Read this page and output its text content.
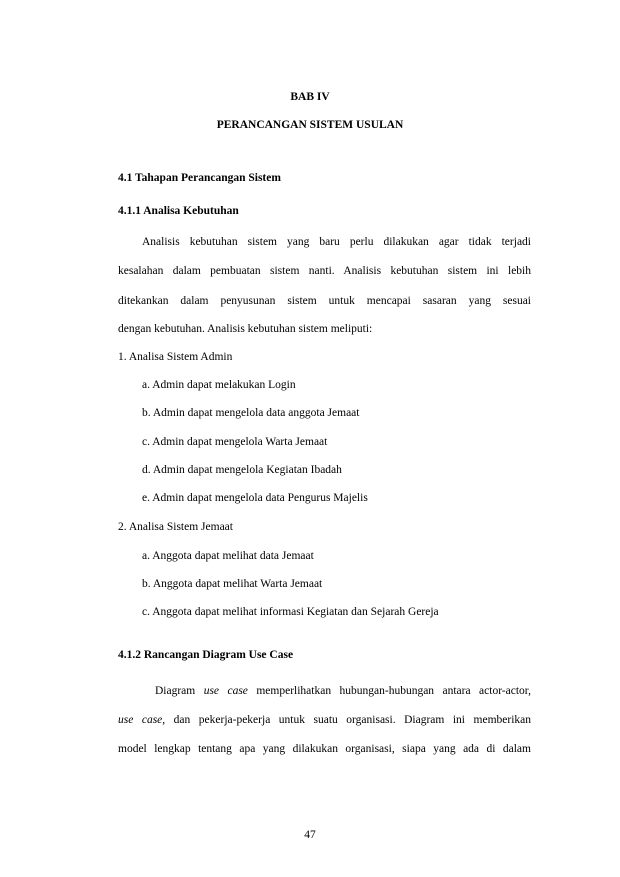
BAB IV
PERANCANGAN SISTEM USULAN
4.1 Tahapan Perancangan Sistem
4.1.1 Analisa Kebutuhan
Analisis kebutuhan sistem yang baru perlu dilakukan agar tidak terjadi
kesalahan dalam pembuatan sistem nanti. Analisis kebutuhan sistem ini lebih
ditekankan dalam penyusunan sistem untuk mencapai sasaran yang sesuai
dengan kebutuhan. Analisis kebutuhan sistem meliputi:
1. Analisa Sistem Admin
a. Admin dapat melakukan Login
b. Admin dapat mengelola data anggota Jemaat
c. Admin dapat mengelola Warta Jemaat
d. Admin dapat mengelola Kegiatan Ibadah
e. Admin dapat mengelola data Pengurus Majelis
2. Analisa Sistem Jemaat
a. Anggota dapat melihat data Jemaat
b. Anggota dapat melihat Warta Jemaat
c. Anggota dapat melihat informasi Kegiatan dan Sejarah Gereja
4.1.2 Rancangan Diagram Use Case
Diagram use case memperlihatkan hubungan-hubungan antara actor-actor,
use case, dan pekerja-pekerja untuk suatu organisasi. Diagram ini memberikan
model lengkap tentang apa yang dilakukan organisasi, siapa yang ada di dalam
47
